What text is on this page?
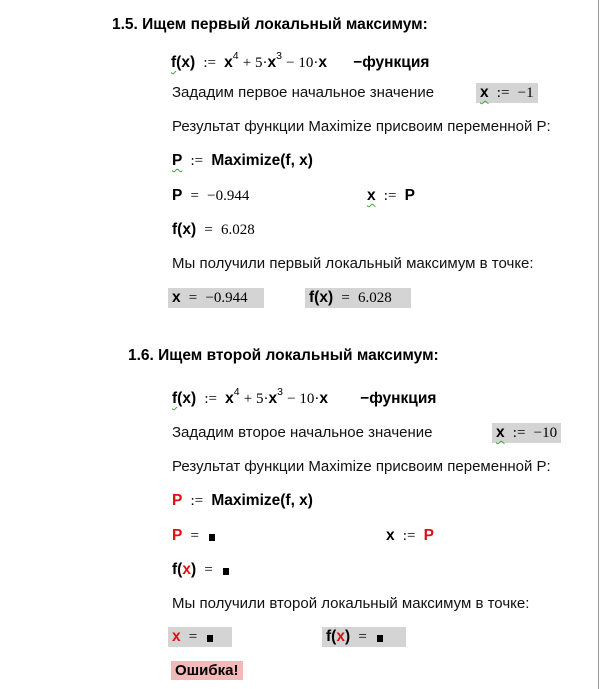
1.5. Ищем первый локальный максимум:
f(x) := $x^4 + 5\cdot x^3 - 10\cdot x$ −функция
Зададим первое начальное значение	x := −1
Результат функции Maximize присвоим переменной P:
P := Maximize(f, x)
P = −0.944	x := P
f(x) = 6.028
Мы получили первый локальный максимум в точке:
x = −0.944	f(x) = 6.028
1.6. Ищем второй локальный максимум:
f(x) := $x^4 + 5\cdot x^3 - 10\cdot x$ −функция
Зададим второе начальное значение	x := −10
Результат функции Maximize присвоим переменной P:
P := Maximize(f, x)
P =	x := P
f(x) =
Мы получили второй локальный максимум в точке:
x =	f(x) =
Ошибка!
